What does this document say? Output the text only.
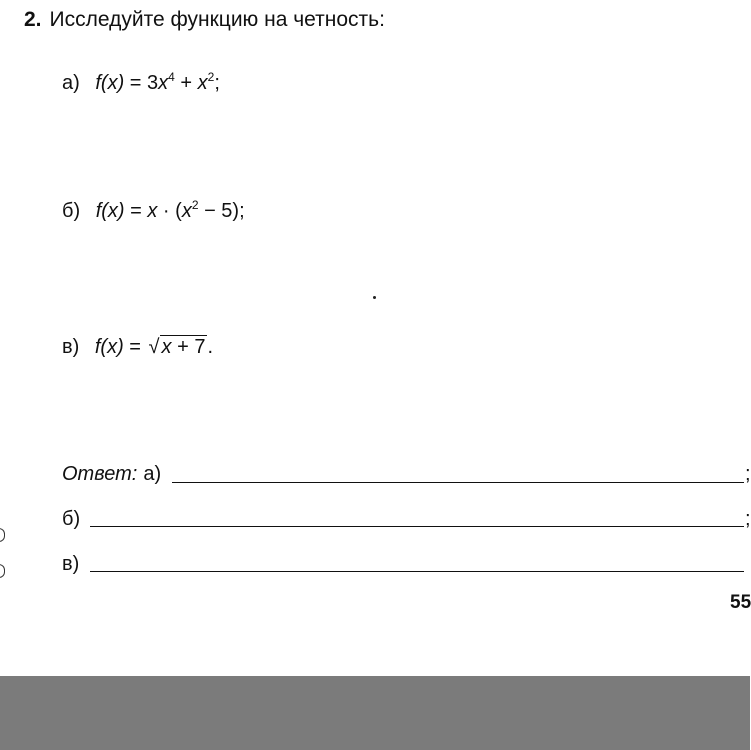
2. Исследуйте функцию на четность:
а) $f(x) = 3x^4 + x^2$;
б) $f(x) = x \cdot (x^2 - 5)$;
в) f(x) = √ x + 7 .
Ответ: а)	;
б)	;
в)
55
